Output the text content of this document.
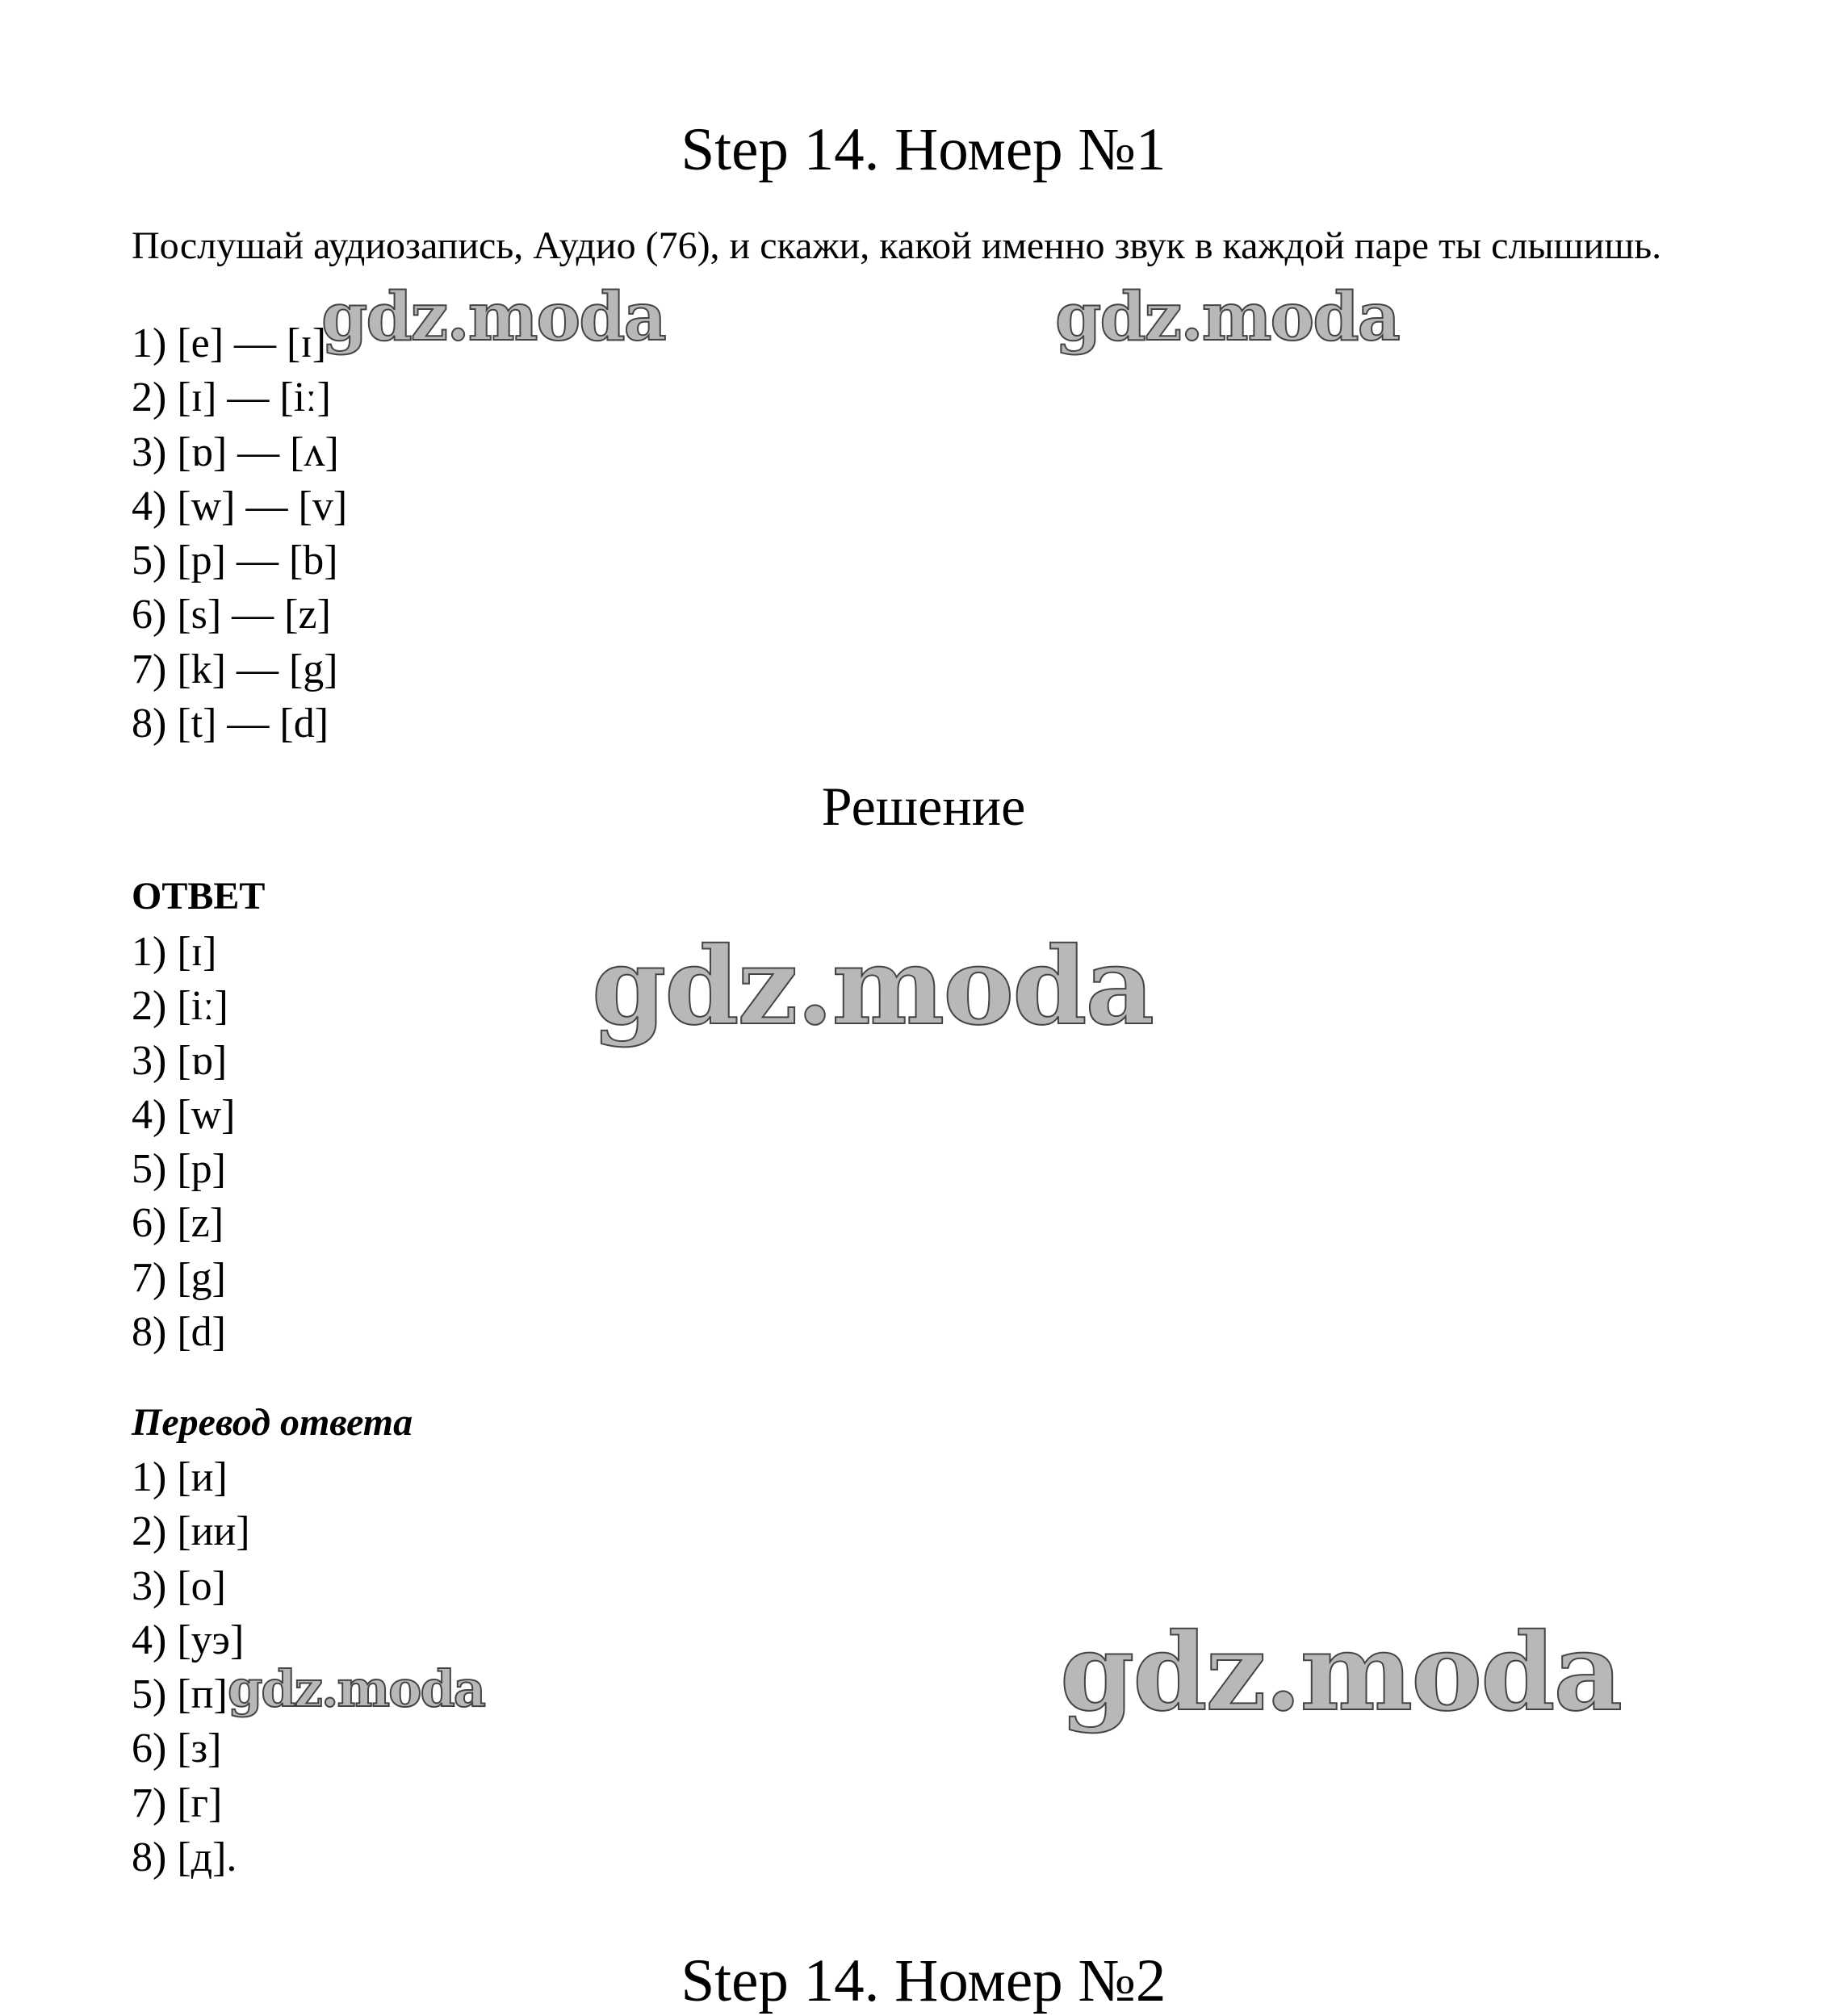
Step 14. Номер №1
Послушай аудиозапись, Аудио (76), и скажи, какой именно звук в каждой паре ты слышишь.
1) [e] — [ɪ]
2) [ɪ] — [iː]
3) [ɒ] — [ʌ]
4) [w] — [v]
5) [p] — [b]
6) [s] — [z]
7) [k] — [g]
8) [t] — [d]
Решение
ОТВЕТ
1) [ɪ]
2) [iː]
3) [ɒ]
4) [w]
5) [p]
6) [z]
7) [g]
8) [d]
Перевод ответа
1) [и]
2) [ии]
3) [о]
4) [уэ]
5) [п]
6) [з]
7) [г]
8) [д].
gdz.moda	gdz.moda
gdz.moda
gdz.moda
gdz.moda
Step 14. Номер №2
